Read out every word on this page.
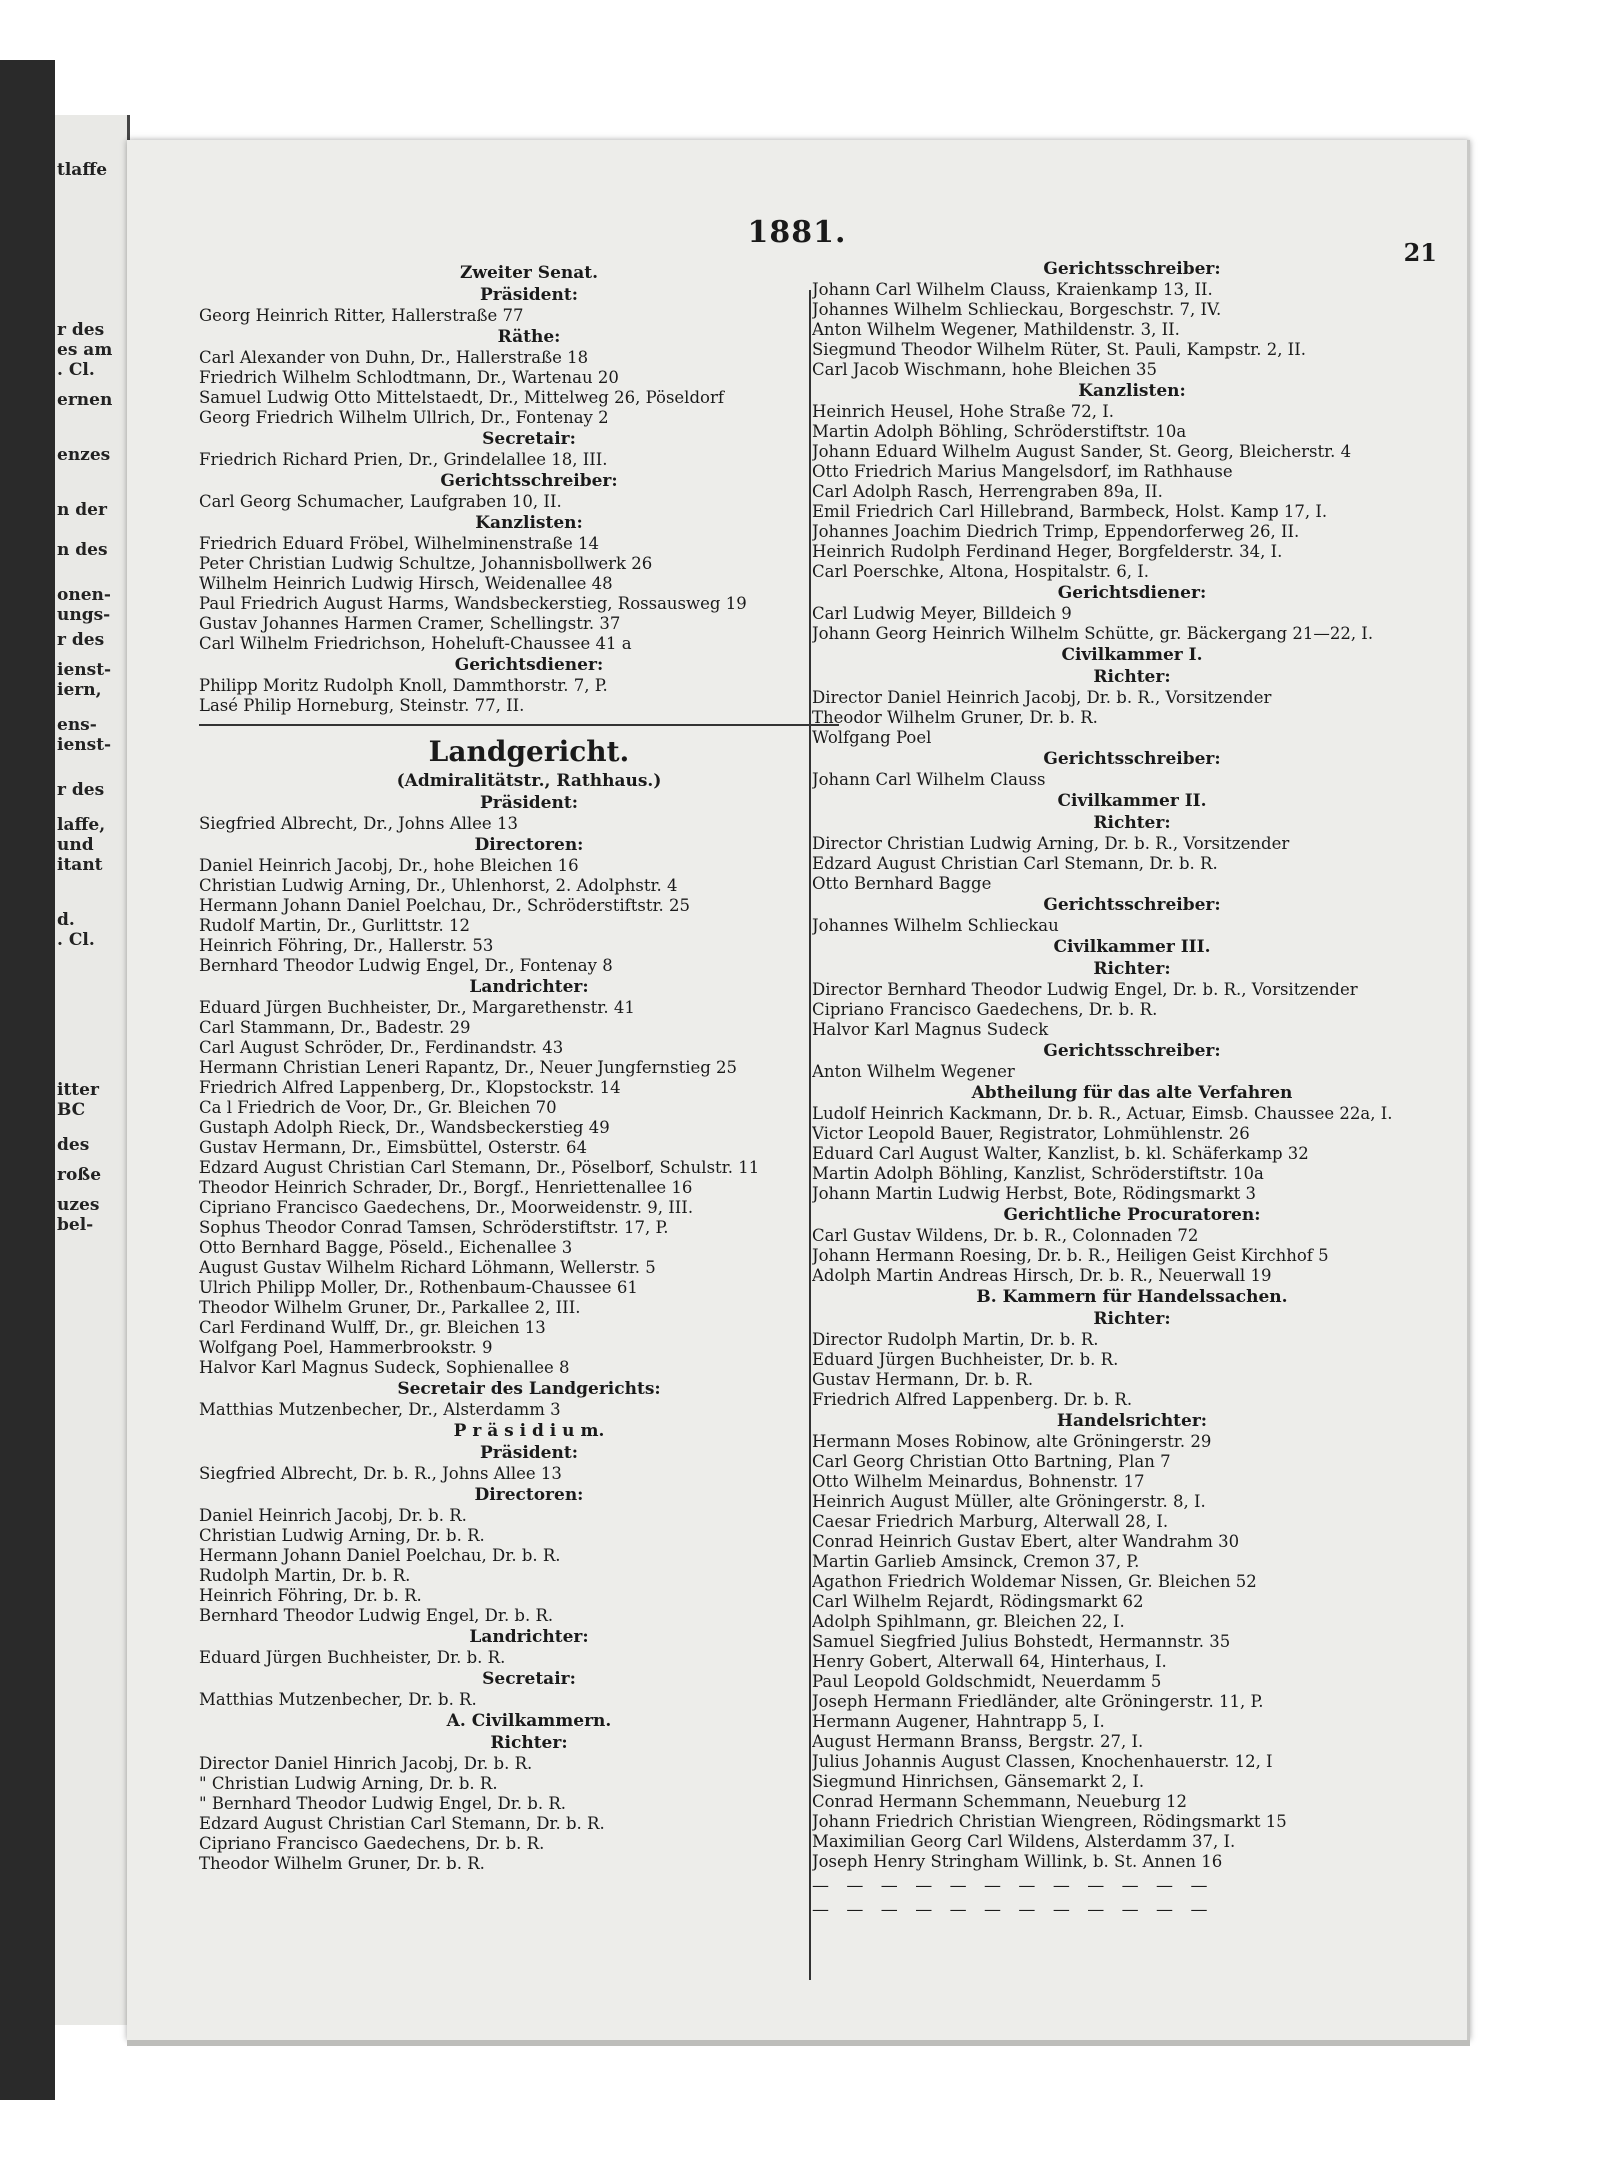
tlaffe
r des
es am
. Cl.
ernen
enzes
n der
n des
onen-
ungs-
r des
ienst-
iern,
ens-
ienst-
r des
laffe,
und
itant
d.
. Cl.
itter
BC
des
roße
uzes
bel-
1881.
21
Zweiter Senat.
Präsident:
Georg Heinrich Ritter, Hallerstraße 77
Räthe:
Carl Alexander von Duhn, Dr., Hallerstraße 18
Friedrich Wilhelm Schlodtmann, Dr., Wartenau 20
Samuel Ludwig Otto Mittelstaedt, Dr., Mittelweg 26, Pöseldorf
Georg Friedrich Wilhelm Ullrich, Dr., Fontenay 2
Secretair:
Friedrich Richard Prien, Dr., Grindelallee 18, III.
Gerichtsschreiber:
Carl Georg Schumacher, Laufgraben 10, II.
Kanzlisten:
Friedrich Eduard Fröbel, Wilhelminenstraße 14
Peter Christian Ludwig Schultze, Johannisbollwerk 26
Wilhelm Heinrich Ludwig Hirsch, Weidenallee 48
Paul Friedrich August Harms, Wandsbeckerstieg, Rossausweg 19
Gustav Johannes Harmen Cramer, Schellingstr. 37
Carl Wilhelm Friedrichson, Hoheluft-Chaussee 41 a
Gerichtsdiener:
Philipp Moritz Rudolph Knoll, Dammthorstr. 7, P.
Lasé Philip Horneburg, Steinstr. 77, II.
Landgericht.
(Admiralitätstr., Rathhaus.)
Präsident:
Siegfried Albrecht, Dr., Johns Allee 13
Directoren:
Daniel Heinrich Jacobj, Dr., hohe Bleichen 16
Christian Ludwig Arning, Dr., Uhlenhorst, 2. Adolphstr. 4
Hermann Johann Daniel Poelchau, Dr., Schröderstiftstr. 25
Rudolf Martin, Dr., Gurlittstr. 12
Heinrich Föhring, Dr., Hallerstr. 53
Bernhard Theodor Ludwig Engel, Dr., Fontenay 8
Landrichter:
Eduard Jürgen Buchheister, Dr., Margarethenstr. 41
Carl Stammann, Dr., Badestr. 29
Carl August Schröder, Dr., Ferdinandstr. 43
Hermann Christian Leneri Rapantz, Dr., Neuer Jungfernstieg 25
Friedrich Alfred Lappenberg, Dr., Klopstockstr. 14
Ca l Friedrich de Voor, Dr., Gr. Bleichen 70
Gustaph Adolph Rieck, Dr., Wandsbeckerstieg 49
Gustav Hermann, Dr., Eimsbüttel, Osterstr. 64
Edzard August Christian Carl Stemann, Dr., Pöselborf, Schulstr. 11
Theodor Heinrich Schrader, Dr., Borgf., Henriettenallee 16
Cipriano Francisco Gaedechens, Dr., Moorweidenstr. 9, III.
Sophus Theodor Conrad Tamsen, Schröderstiftstr. 17, P.
Otto Bernhard Bagge, Pöseld., Eichenallee 3
August Gustav Wilhelm Richard Löhmann, Wellerstr. 5
Ulrich Philipp Moller, Dr., Rothenbaum-Chaussee 61
Theodor Wilhelm Gruner, Dr., Parkallee 2, III.
Carl Ferdinand Wulff, Dr., gr. Bleichen 13
Wolfgang Poel, Hammerbrookstr. 9
Halvor Karl Magnus Sudeck, Sophienallee 8
Secretair des Landgerichts:
Matthias Mutzenbecher, Dr., Alsterdamm 3
P r ä s i d i u m.
Präsident:
Siegfried Albrecht, Dr. b. R., Johns Allee 13
Directoren:
Daniel Heinrich Jacobj, Dr. b. R.
Christian Ludwig Arning, Dr. b. R.
Hermann Johann Daniel Poelchau, Dr. b. R.
Rudolph Martin, Dr. b. R.
Heinrich Föhring, Dr. b. R.
Bernhard Theodor Ludwig Engel, Dr. b. R.
Landrichter:
Eduard Jürgen Buchheister, Dr. b. R.
Secretair:
Matthias Mutzenbecher, Dr. b. R.
A. Civilkammern.
Richter:
Director Daniel Hinrich Jacobj, Dr. b. R.
" Christian Ludwig Arning, Dr. b. R.
" Bernhard Theodor Ludwig Engel, Dr. b. R.
Edzard August Christian Carl Stemann, Dr. b. R.
Cipriano Francisco Gaedechens, Dr. b. R.
Theodor Wilhelm Gruner, Dr. b. R.
Gerichtsschreiber:
Johann Carl Wilhelm Clauss, Kraienkamp 13, II.
Johannes Wilhelm Schlieckau, Borgeschstr. 7, IV.
Anton Wilhelm Wegener, Mathildenstr. 3, II.
Siegmund Theodor Wilhelm Rüter, St. Pauli, Kampstr. 2, II.
Carl Jacob Wischmann, hohe Bleichen 35
Kanzlisten:
Heinrich Heusel, Hohe Straße 72, I.
Martin Adolph Böhling, Schröderstiftstr. 10a
Johann Eduard Wilhelm August Sander, St. Georg, Bleicherstr. 4
Otto Friedrich Marius Mangelsdorf, im Rathhause
Carl Adolph Rasch, Herrengraben 89a, II.
Emil Friedrich Carl Hillebrand, Barmbeck, Holst. Kamp 17, I.
Johannes Joachim Diedrich Trimp, Eppendorferweg 26, II.
Heinrich Rudolph Ferdinand Heger, Borgfelderstr. 34, I.
Carl Poerschke, Altona, Hospitalstr. 6, I.
Gerichtsdiener:
Carl Ludwig Meyer, Billdeich 9
Johann Georg Heinrich Wilhelm Schütte, gr. Bäckergang 21—22, I.
Civilkammer I.
Richter:
Director Daniel Heinrich Jacobj, Dr. b. R., Vorsitzender
Theodor Wilhelm Gruner, Dr. b. R.
Wolfgang Poel
Gerichtsschreiber:
Johann Carl Wilhelm Clauss
Civilkammer II.
Richter:
Director Christian Ludwig Arning, Dr. b. R., Vorsitzender
Edzard August Christian Carl Stemann, Dr. b. R.
Otto Bernhard Bagge
Gerichtsschreiber:
Johannes Wilhelm Schlieckau
Civilkammer III.
Richter:
Director Bernhard Theodor Ludwig Engel, Dr. b. R., Vorsitzender
Cipriano Francisco Gaedechens, Dr. b. R.
Halvor Karl Magnus Sudeck
Gerichtsschreiber:
Anton Wilhelm Wegener
Abtheilung für das alte Verfahren
Ludolf Heinrich Kackmann, Dr. b. R., Actuar, Eimsb. Chaussee 22a, I.
Victor Leopold Bauer, Registrator, Lohmühlenstr. 26
Eduard Carl August Walter, Kanzlist, b. kl. Schäferkamp 32
Martin Adolph Böhling, Kanzlist, Schröderstiftstr. 10a
Johann Martin Ludwig Herbst, Bote, Rödingsmarkt 3
Gerichtliche Procuratoren:
Carl Gustav Wildens, Dr. b. R., Colonnaden 72
Johann Hermann Roesing, Dr. b. R., Heiligen Geist Kirchhof 5
Adolph Martin Andreas Hirsch, Dr. b. R., Neuerwall 19
B. Kammern für Handelssachen.
Richter:
Director Rudolph Martin, Dr. b. R.
Eduard Jürgen Buchheister, Dr. b. R.
Gustav Hermann, Dr. b. R.
Friedrich Alfred Lappenberg. Dr. b. R.
Handelsrichter:
Hermann Moses Robinow, alte Gröningerstr. 29
Carl Georg Christian Otto Bartning, Plan 7
Otto Wilhelm Meinardus, Bohnenstr. 17
Heinrich August Müller, alte Gröningerstr. 8, I.
Caesar Friedrich Marburg, Alterwall 28, I.
Conrad Heinrich Gustav Ebert, alter Wandrahm 30
Martin Garlieb Amsinck, Cremon 37, P.
Agathon Friedrich Woldemar Nissen, Gr. Bleichen 52
Carl Wilhelm Rejardt, Rödingsmarkt 62
Adolph Spihlmann, gr. Bleichen 22, I.
Samuel Siegfried Julius Bohstedt, Hermannstr. 35
Henry Gobert, Alterwall 64, Hinterhaus, I.
Paul Leopold Goldschmidt, Neuerdamm 5
Joseph Hermann Friedländer, alte Gröningerstr. 11, P.
Hermann Augener, Hahntrapp 5, I.
August Hermann Branss, Bergstr. 27, I.
Julius Johannis August Classen, Knochenhauerstr. 12, I
Siegmund Hinrichsen, Gänsemarkt 2, I.
Conrad Hermann Schemmann, Neueburg 12
Johann Friedrich Christian Wiengreen, Rödingsmarkt 15
Maximilian Georg Carl Wildens, Alsterdamm 37, I.
Joseph Henry Stringham Willink, b. St. Annen 16
— — — — — — — — — — — —
— — — — — — — — — — — —
